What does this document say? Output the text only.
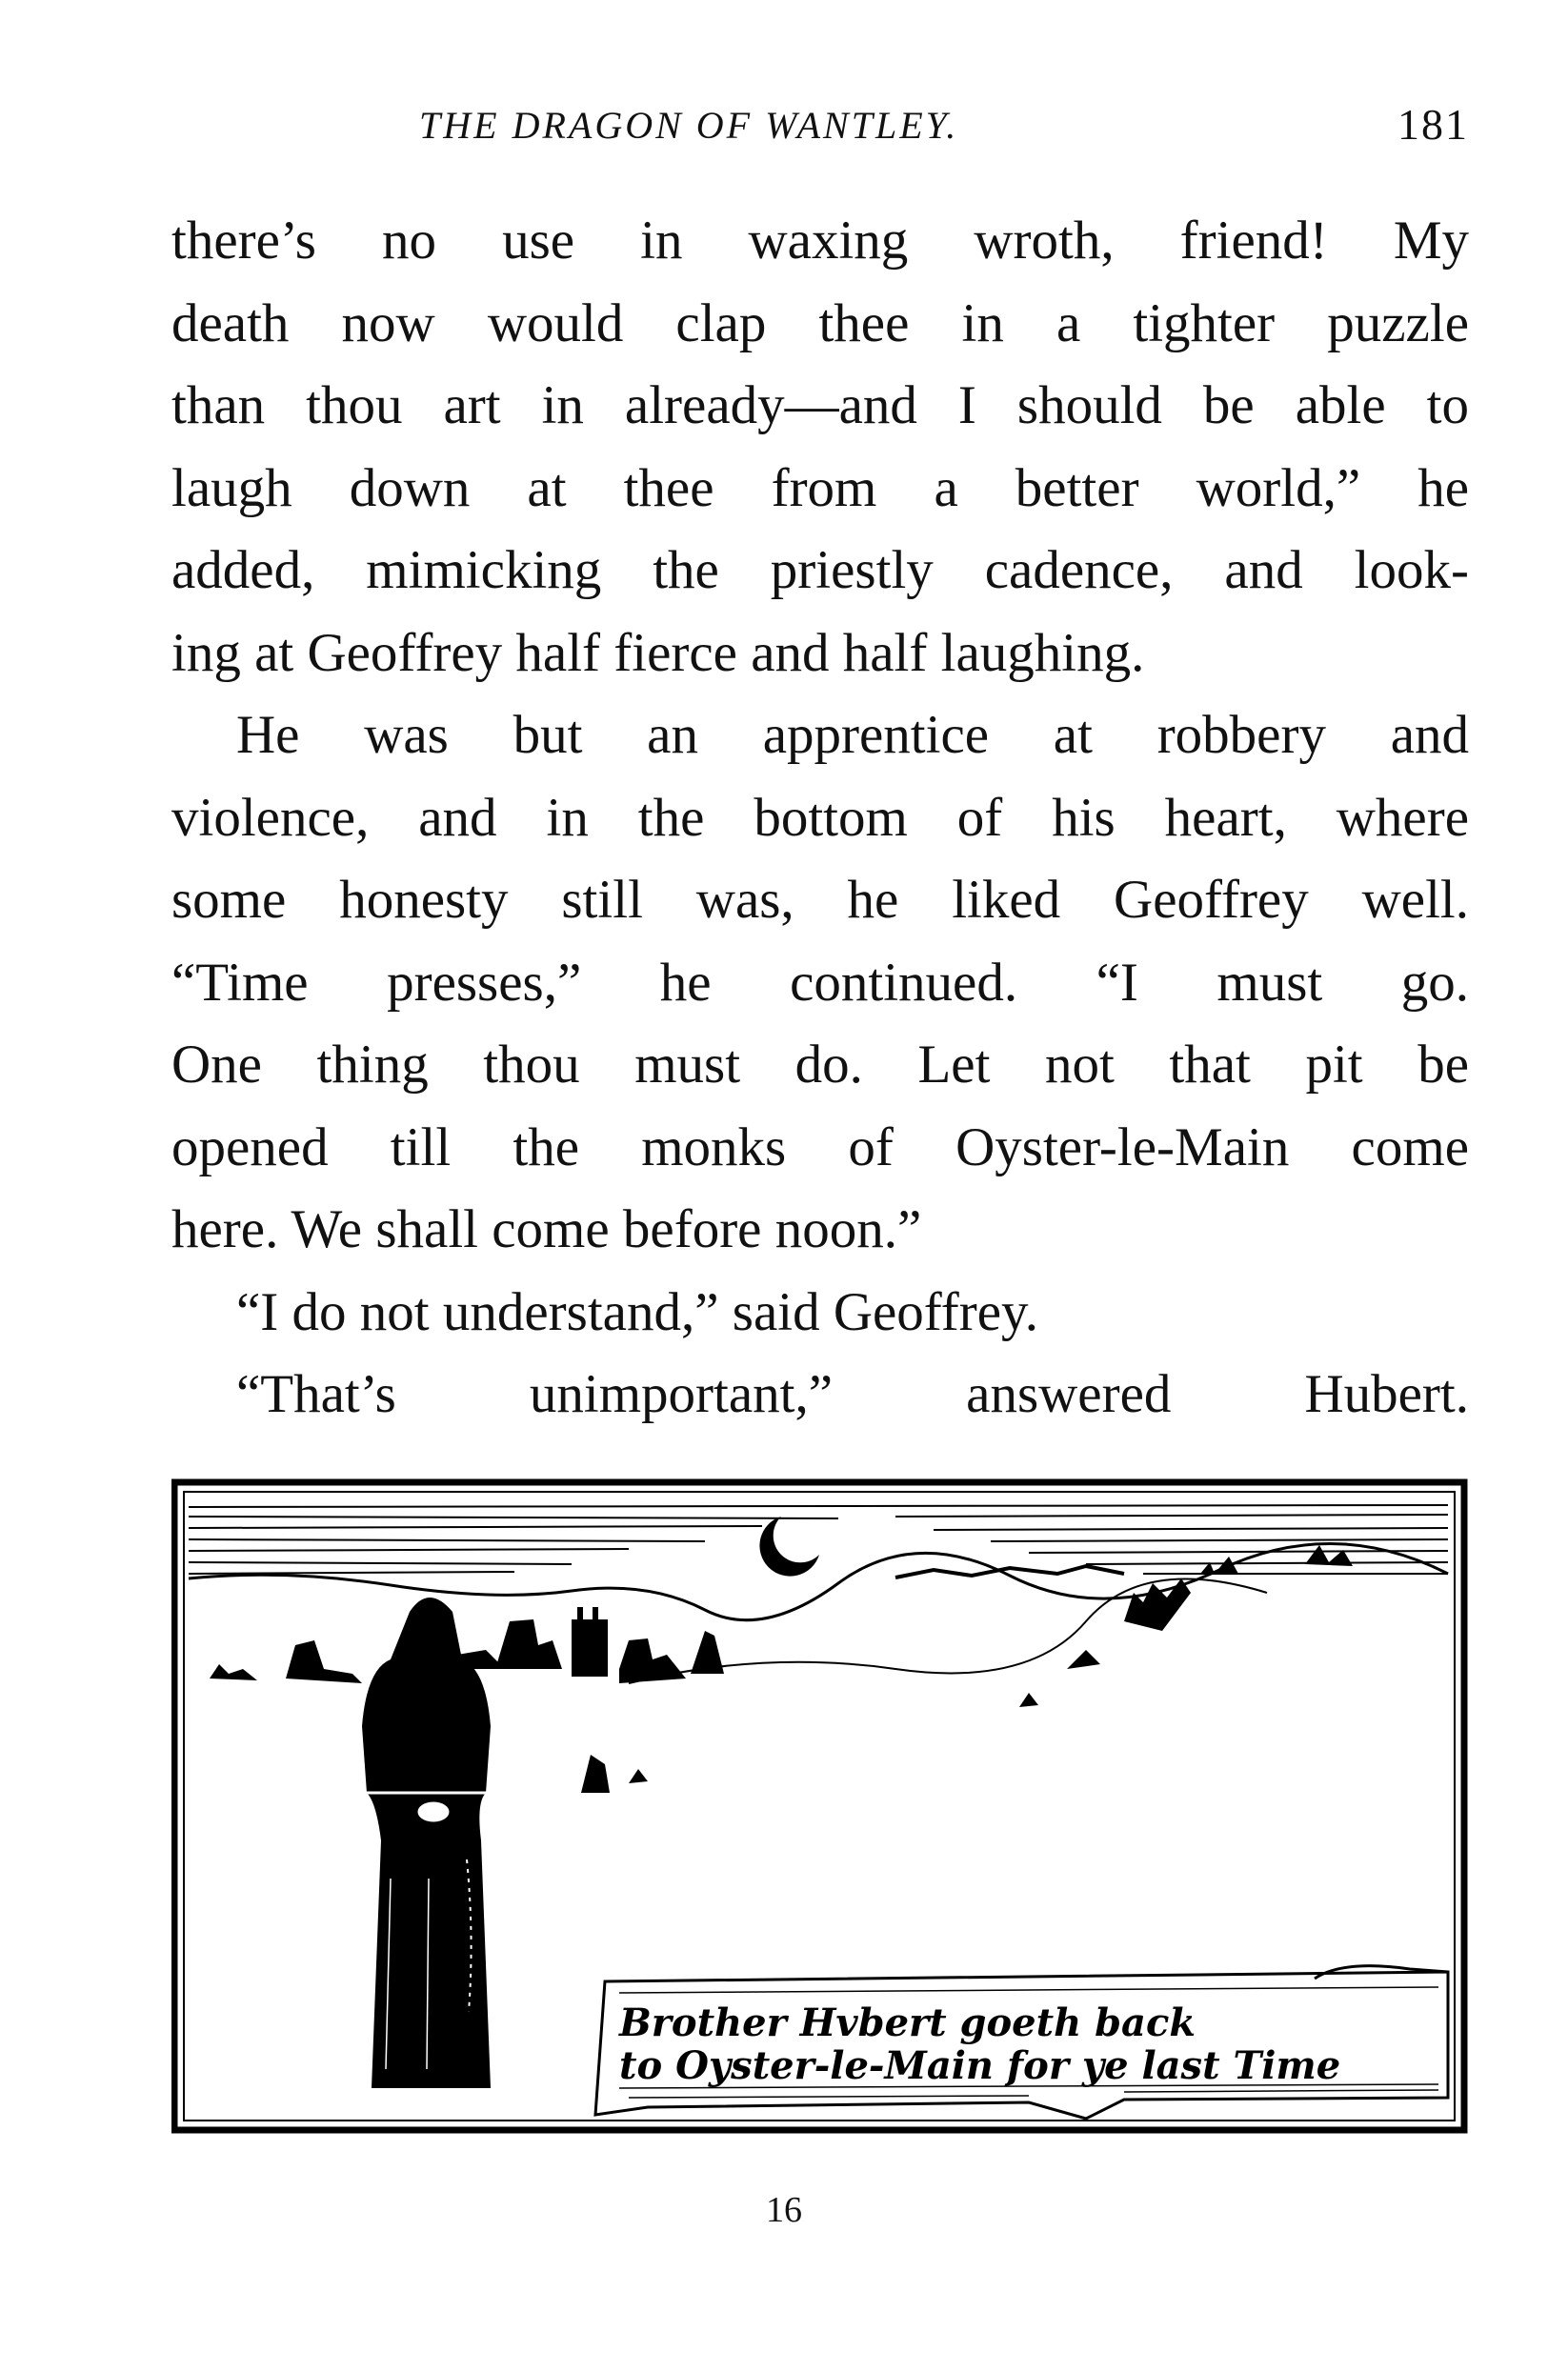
THE DRAGON OF WANTLEY.	181
there’s no use in waxing wroth, friend! My
death now would clap thee in a tighter puzzle
than thou art in already—and I should be able to
laugh down at thee from a better world,” he
added, mimicking the priestly cadence, and look-
ing at Geoffrey half fierce and half laughing.
He was but an apprentice at robbery and
violence, and in the bottom of his heart, where
some honesty still was, he liked Geoffrey well.
“Time presses,” he continued. “I must go.
One thing thou must do. Let not that pit be
opened till the monks of Oyster-le-Main come
here. We shall come before noon.”
“I do not understand,” said Geoffrey.
“That’s unimportant,” answered Hubert.
Brother Hvbert goeth back
to Oyster-le-Main for ye last Time
16
